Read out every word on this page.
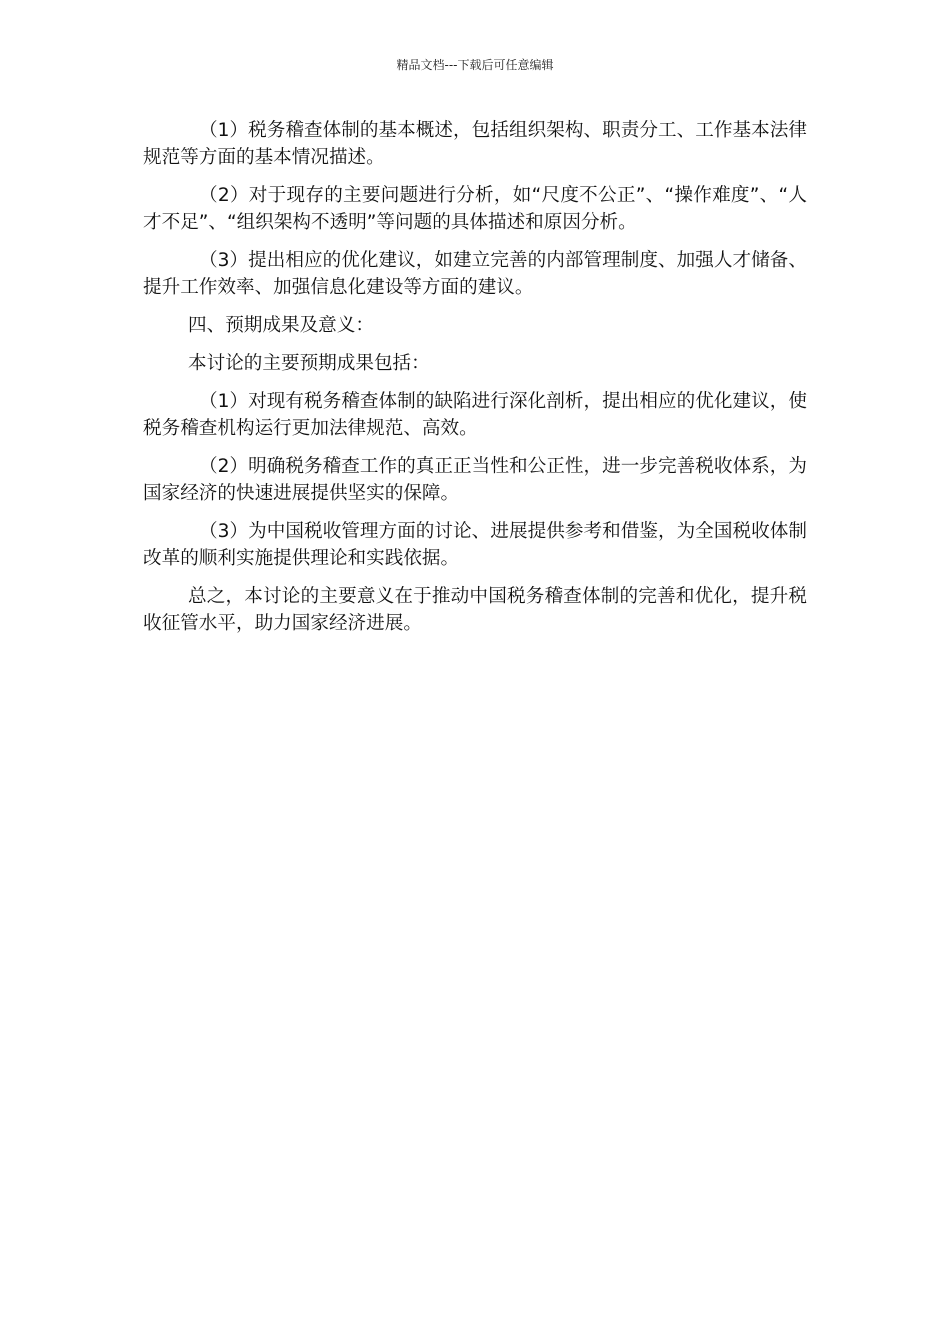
精品文档---下载后可任意编辑

（1）税务稽查体制的基本概述，包括组织架构、职责分工、工作基本法律规范等方面的基本情况描述。

（2）对于现存的主要问题进行分析，如“尺度不公正”、“操作难度”、“人才不足”、“组织架构不透明”等问题的具体描述和原因分析。

（3）提出相应的优化建议，如建立完善的内部管理制度、加强人才储备、提升工作效率、加强信息化建设等方面的建议。

四、预期成果及意义：

本讨论的主要预期成果包括：

（1）对现有税务稽查体制的缺陷进行深化剖析，提出相应的优化建议，使税务稽查机构运行更加法律规范、高效。

（2）明确税务稽查工作的真正正当性和公正性，进一步完善税收体系，为国家经济的快速进展提供坚实的保障。

（3）为中国税收管理方面的讨论、进展提供参考和借鉴，为全国税收体制改革的顺利实施提供理论和实践依据。

总之，本讨论的主要意义在于推动中国税务稽查体制的完善和优化，提升税收征管水平，助力国家经济进展。
